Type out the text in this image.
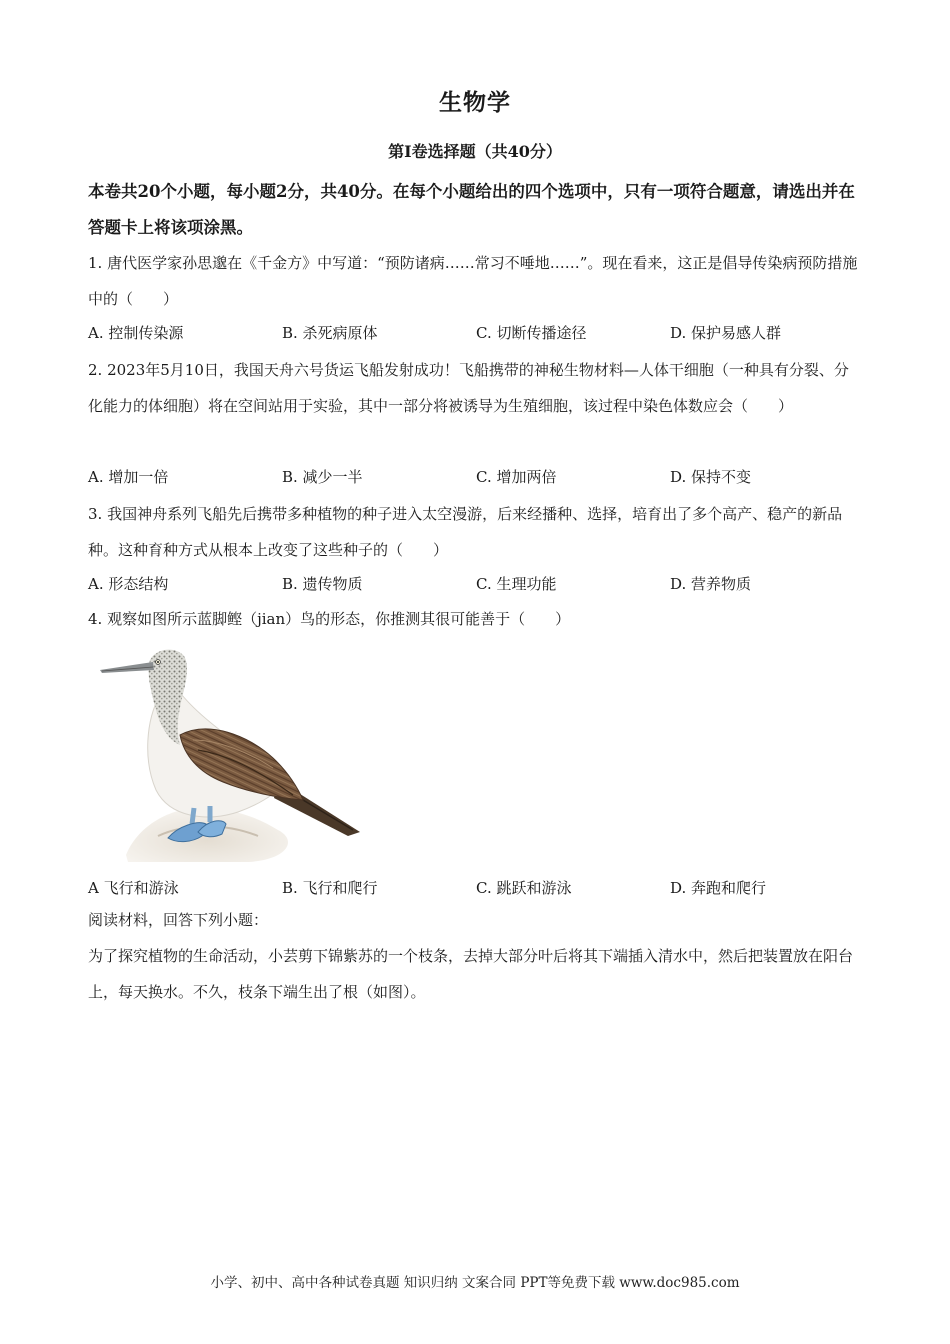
生物学
第I卷选择题（共40分）
本卷共20个小题，每小题2分，共40分。在每个小题给出的四个选项中，只有一项符合题意，请选出并在答题卡上将该项涂黑。
1. 唐代医学家孙思邈在《千金方》中写道：“预防诸病……常习不唾地……”。现在看来，这正是倡导传染病预防措施中的（　　）
A. 控制传染源	B. 杀死病原体	C. 切断传播途径	D. 保护易感人群
2. 2023年5月10日，我国天舟六号货运飞船发射成功！飞船携带的神秘生物材料—人体干细胞（一种具有分裂、分化能力的体细胞）将在空间站用于实验，其中一部分将被诱导为生殖细胞，该过程中染色体数应会（　　）
A. 增加一倍	B. 减少一半	C. 增加两倍	D. 保持不变
3. 我国神舟系列飞船先后携带多种植物的种子进入太空漫游，后来经播种、选择，培育出了多个高产、稳产的新品种。这种育种方式从根本上改变了这些种子的（　　）
A. 形态结构	B. 遗传物质	C. 生理功能	D. 营养物质
4. 观察如图所示蓝脚鲣（jian）鸟的形态，你推测其很可能善于（　　）
A 飞行和游泳	B. 飞行和爬行	C. 跳跃和游泳	D. 奔跑和爬行
阅读材料，回答下列小题：
为了探究植物的生命活动，小芸剪下锦紫苏的一个枝条，去掉大部分叶后将其下端插入清水中，然后把装置放在阳台上，每天换水。不久，枝条下端生出了根（如图）。
小学、初中、高中各种试卷真题 知识归纳 文案合同 PPT等免费下载 www.doc985.com
